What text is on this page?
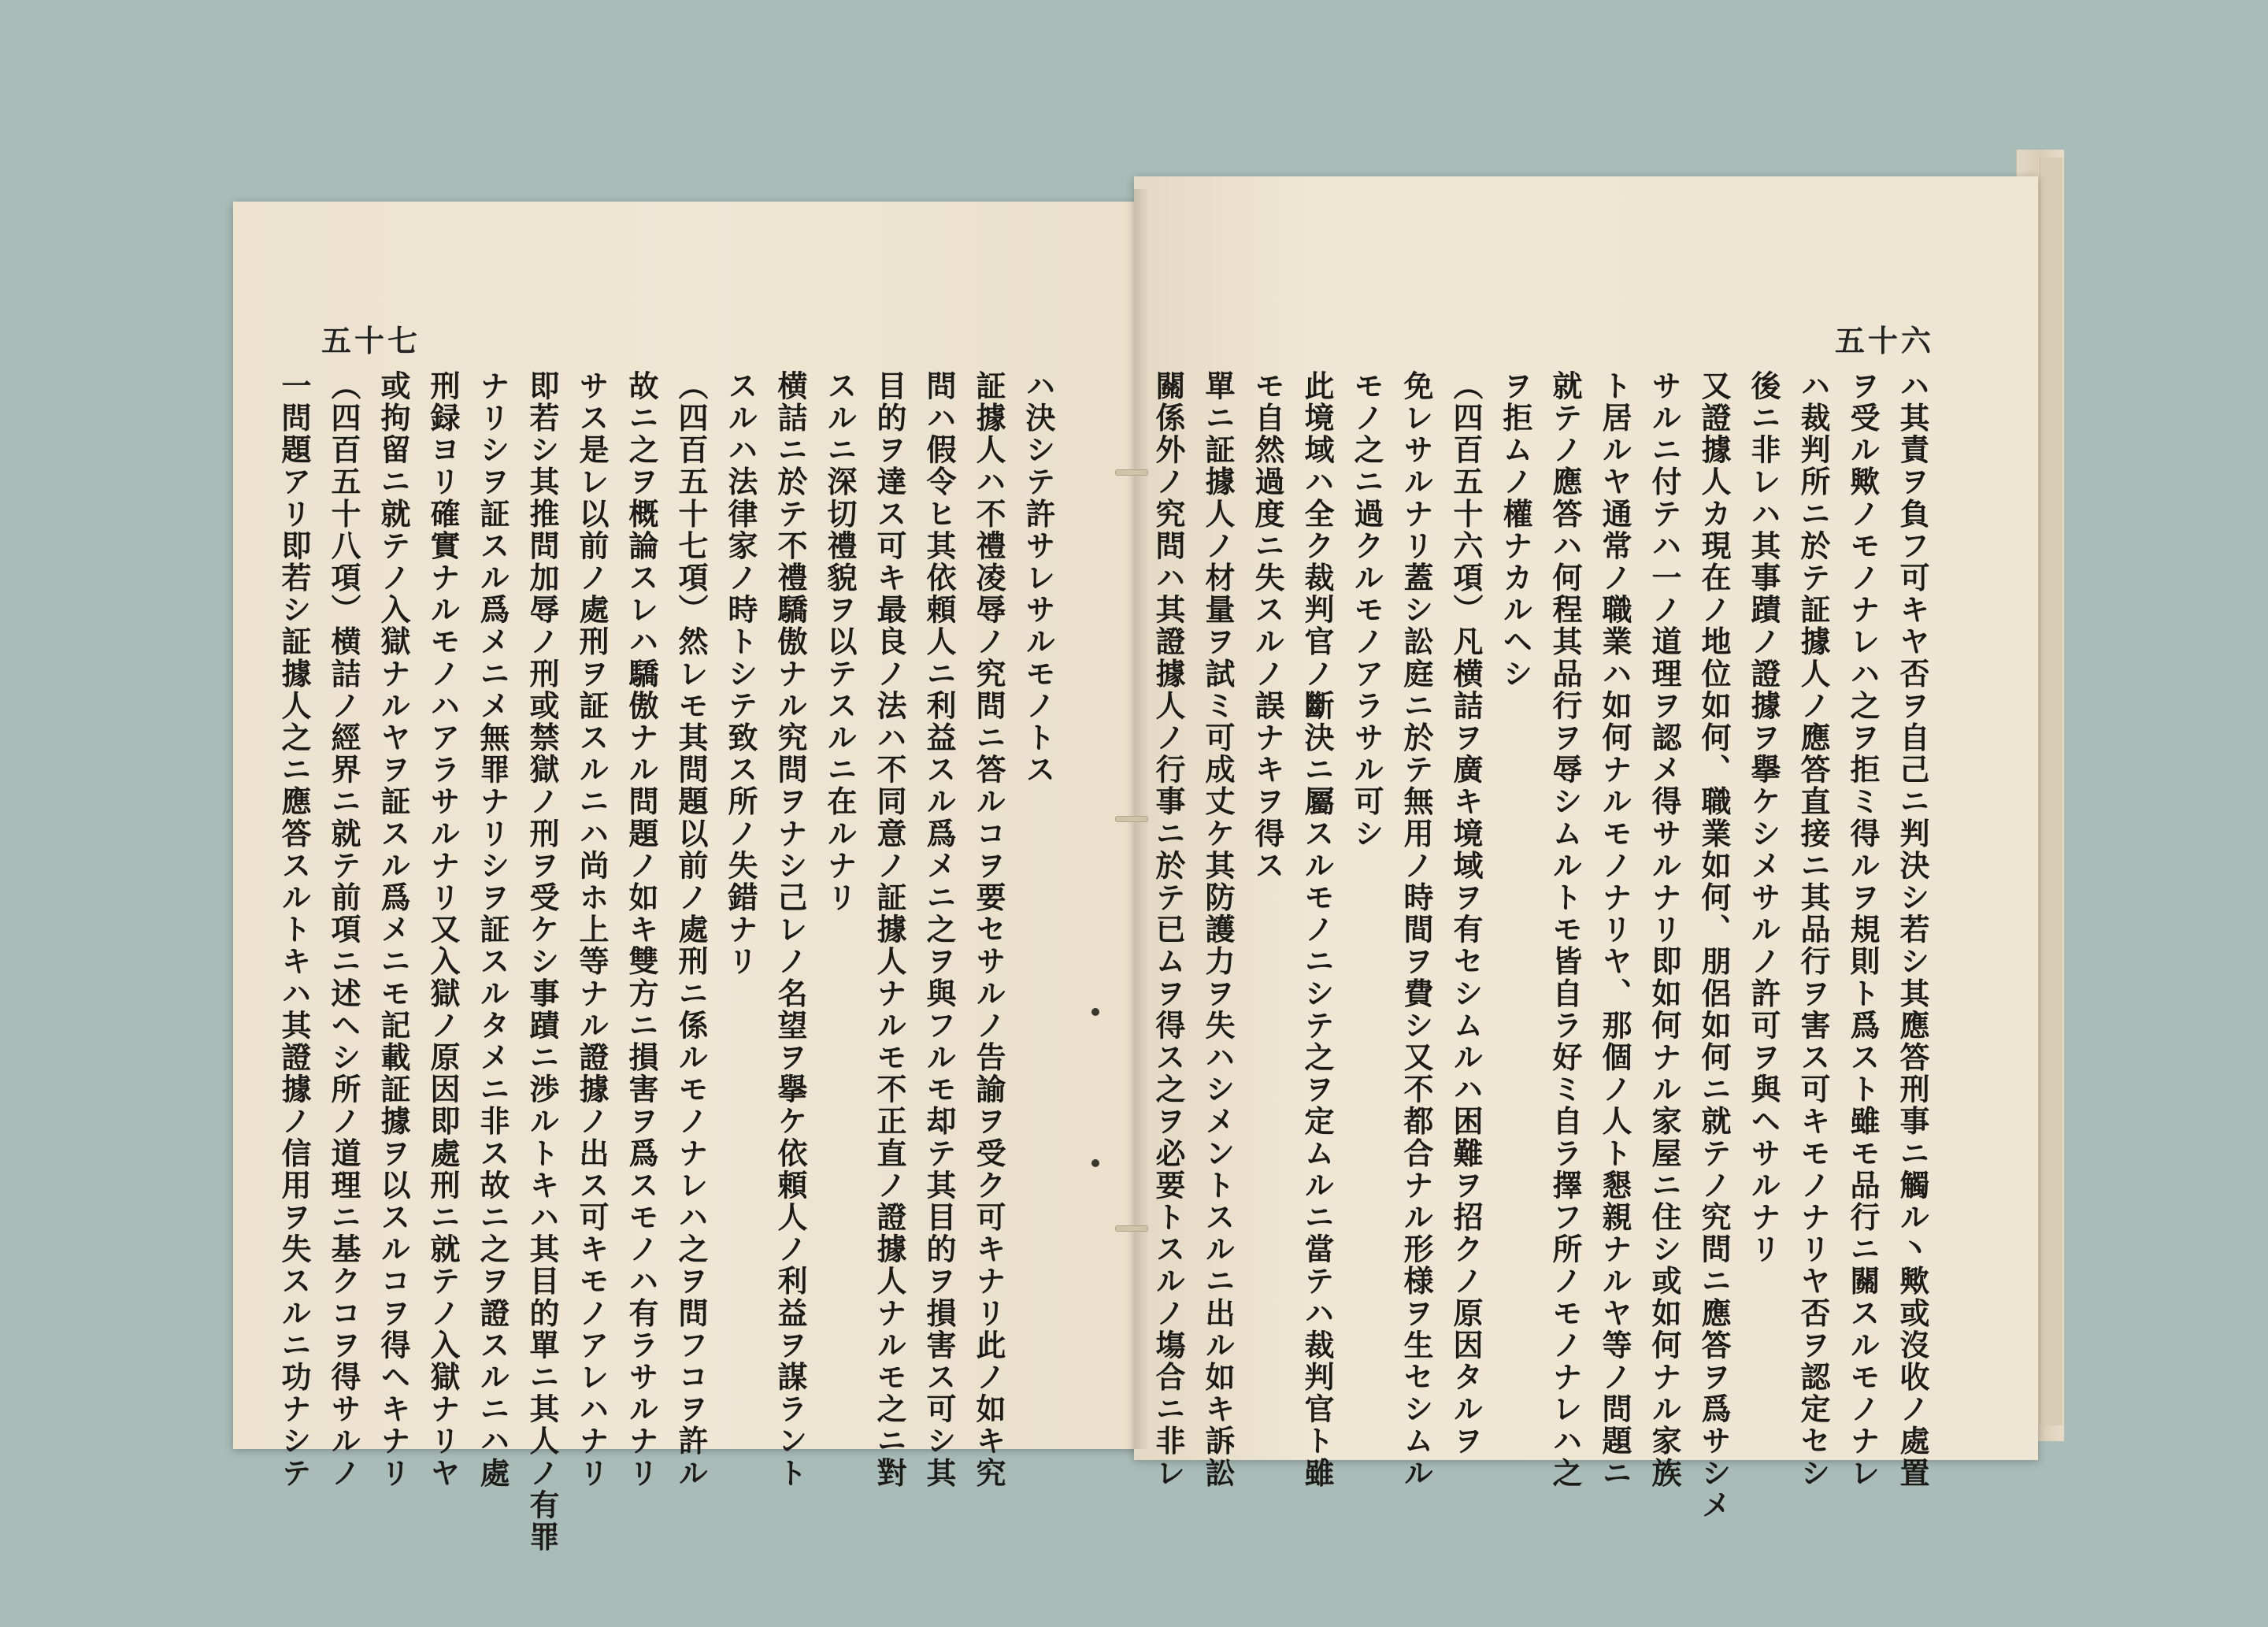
五十七	五十六

ハ決シテ許サレサルモノトス

証據人ハ不禮凌辱ノ究問ニ答ルコヲ要セサルノ告諭ヲ受ク可キナリ此ノ如キ究

問ハ假令ヒ其依頼人ニ利益スル爲メニ之ヲ與フルモ却テ其目的ヲ損害ス可シ其

目的ヲ達ス可キ最良ノ法ハ不同意ノ証據人ナルモ不正直ノ證據人ナルモ之ニ對

スルニ深切禮貌ヲ以テスルニ在ルナリ

横詰ニ於テ不禮驕傲ナル究問ヲナシ己レノ名望ヲ擧ケ依頼人ノ利益ヲ謀ラント

スルハ法律家ノ時トシテ致ス所ノ失錯ナリ

（四百五十七項）然レモ其問題以前ノ處刑ニ係ルモノナレハ之ヲ問フコヲ許ル

故ニ之ヲ概論スレハ驕傲ナル問題ノ如キ雙方ニ損害ヲ爲スモノハ有ラサルナリ

サス是レ以前ノ處刑ヲ証スルニハ尚ホ上等ナル證據ノ出ス可キモノアレハナリ

即若シ其推問加辱ノ刑或禁獄ノ刑ヲ受ケシ事蹟ニ渉ルトキハ其目的單ニ其人ノ有罪

ナリシヲ証スル爲メニメ無罪ナリシヲ証スルタメニ非ス故ニ之ヲ證スルニハ處

刑録ヨリ確實ナルモノハアラサルナリ又入獄ノ原因即處刑ニ就テノ入獄ナリヤ

或拘留ニ就テノ入獄ナルヤヲ証スル爲メニモ記載証據ヲ以スルコヲ得ヘキナリ

（四百五十八項）横詰ノ經界ニ就テ前項ニ述ヘシ所ノ道理ニ基クコヲ得サルノ

一問題アリ即若シ証據人之ニ應答スルトキハ其證據ノ信用ヲ失スルニ功ナシテ	ハ其責ヲ負フ可キヤ否ヲ自己ニ判決シ若シ其應答刑事ニ觸ル丶歟或沒收ノ處置

ヲ受ル歟ノモノナレハ之ヲ拒ミ得ルヲ規則ト爲スト雖モ品行ニ關スルモノナレ

ハ裁判所ニ於テ証據人ノ應答直接ニ其品行ヲ害ス可キモノナリヤ否ヲ認定セシ

後ニ非レハ其事蹟ノ證據ヲ擧ケシメサルノ許可ヲ與ヘサルナリ

又證據人カ現在ノ地位如何、職業如何、朋侶如何ニ就テノ究問ニ應答ヲ爲サシメ

サルニ付テハ一ノ道理ヲ認メ得サルナリ即如何ナル家屋ニ住シ或如何ナル家族

ト居ルヤ通常ノ職業ハ如何ナルモノナリヤ、那個ノ人ト懇親ナルヤ等ノ問題ニ

就テノ應答ハ何程其品行ヲ辱シムルトモ皆自ラ好ミ自ラ擇フ所ノモノナレハ之

ヲ拒ムノ權ナカルヘシ

（四百五十六項）凡横詰ヲ廣キ境域ヲ有セシムルハ困難ヲ招クノ原因タルヲ

免レサルナリ蓋シ訟庭ニ於テ無用ノ時間ヲ費シ又不都合ナル形様ヲ生セシムル

モノ之ニ過クルモノアラサル可シ

此境域ハ全ク裁判官ノ斷決ニ屬スルモノニシテ之ヲ定ムルニ當テハ裁判官ト雖

モ自然過度ニ失スルノ誤ナキヲ得ス

單ニ証據人ノ材量ヲ試ミ可成丈ケ其防護力ヲ失ハシメントスルニ出ル如キ訴訟

關係外ノ究問ハ其證據人ノ行事ニ於テ已ムヲ得ス之ヲ必要トスルノ塲合ニ非レ
